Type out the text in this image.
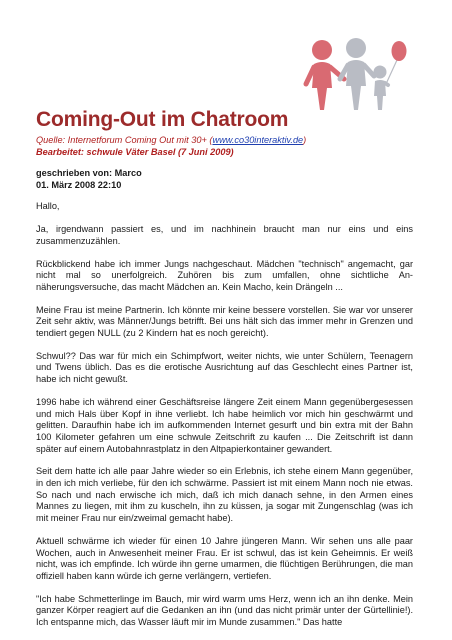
Coming-Out im Chatroom
Quelle: Internetforum Coming Out mit 30+ (www.co30interaktiv.de)
Bearbeitet: schwule Väter Basel (7 Juni 2009)
geschrieben von: Marco
01. März 2008 22:10

Hallo,

Ja, irgendwann passiert es, und im nachhinein braucht man nur eins und eins zusammenzuzählen.

Rückblickend habe ich immer Jungs nachgeschaut. Mädchen "technisch" angemacht, gar nicht mal so unerfolgreich. Zuhören bis zum umfallen, ohne sichtliche An-näherungsversuche, das macht Mädchen an. Kein Macho, kein Drängeln ...

Meine Frau ist meine Partnerin. Ich könnte mir keine bessere vorstellen. Sie war vor unserer Zeit sehr aktiv, was Männer/Jungs betrifft. Bei uns hält sich das immer mehr in Grenzen und tendiert gegen NULL (zu 2 Kindern hat es noch gereicht).

Schwul?? Das war für mich ein Schimpfwort, weiter nichts, wie unter Schülern, Teenagern und Twens üblich. Das es die erotische Ausrichtung auf das Geschlecht eines Partner ist, habe ich nicht gewußt.

1996 habe ich während einer Geschäftsreise längere Zeit einem Mann gegenübergesessen und mich Hals über Kopf in ihne verliebt. Ich habe heimlich vor mich hin geschwärmt und gelitten. Daraufhin habe ich im aufkommenden Internet gesurft und bin extra mit der Bahn 100 Kilometer gefahren um eine schwule Zeitschrift zu kaufen ... Die Zeitschrift ist dann später auf einem Autobahnrastplatz in den Altpapierkontainer gewandert.

Seit dem hatte ich alle paar Jahre wieder so ein Erlebnis, ich stehe einem Mann gegenüber, in den ich mich verliebe, für den ich schwärme. Passiert ist mit einem Mann noch nie etwas. So nach und nach erwische ich mich, daß ich mich danach sehne, in den Armen eines Mannes zu liegen, mit ihm zu kuscheln, ihn zu küssen, ja sogar mit Zungenschlag (was ich mit meiner Frau nur ein/zweimal gemacht habe).

Aktuell schwärme ich wieder für einen 10 Jahre jüngeren Mann. Wir sehen uns alle paar Wochen, auch in Anwesenheit meiner Frau. Er ist schwul, das ist kein Geheimnis. Er weiß nicht, was ich empfinde. Ich würde ihn gerne umarmen, die flüchtigen Berührungen, die man offiziell haben kann würde ich gerne verlängern, vertiefen.

"Ich habe Schmetterlinge im Bauch, mir wird warm ums Herz, wenn ich an ihn denke. Mein ganzer Körper reagiert auf die Gedanken an ihn (und das nicht primär unter der Gürtellinie!). Ich entspanne mich, das Wasser läuft mir im Munde zusammen." Das hatte
